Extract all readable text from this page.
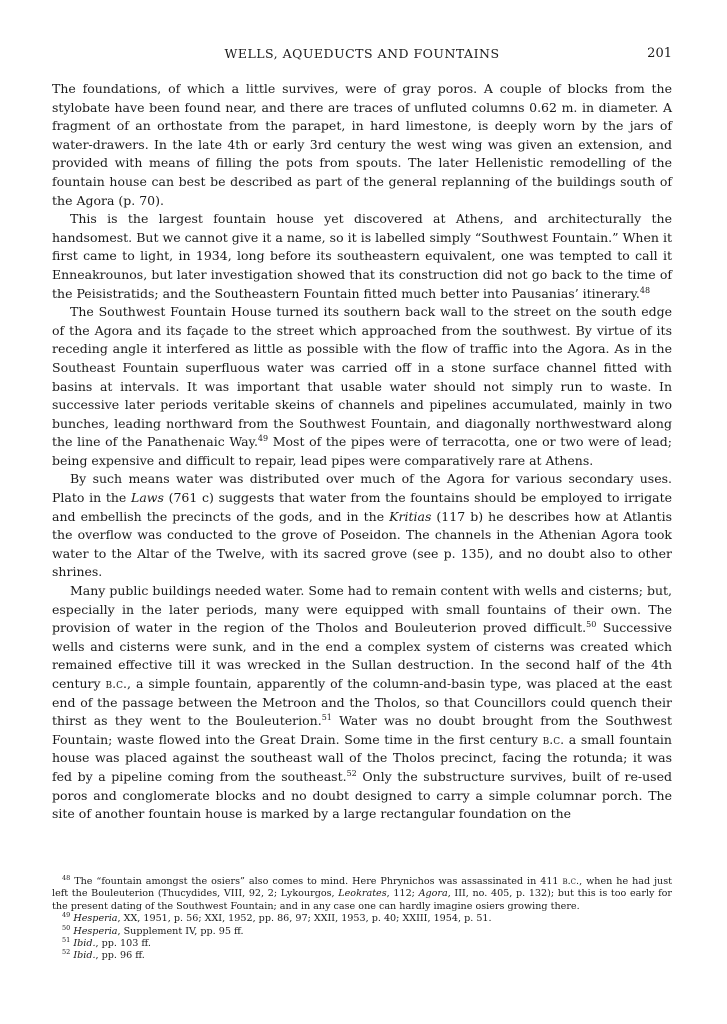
WELLS, AQUEDUCTS AND FOUNTAINS	201

The foundations, of which a little survives, were of gray poros. A couple of blocks from the stylobate have been found near, and there are traces of unfluted columns 0.62 m. in diameter. A fragment of an orthostate from the parapet, in hard limestone, is deeply worn by the jars of water-drawers. In the late 4th or early 3rd century the west wing was given an extension, and provided with means of filling the pots from spouts. The later Hellenistic remodelling of the fountain house can best be described as part of the general replanning of the buildings south of the Agora (p. 70).

This is the largest fountain house yet discovered at Athens, and architecturally the handsomest. But we cannot give it a name, so it is labelled simply “Southwest Fountain.” When it first came to light, in 1934, long before its southeastern equivalent, one was tempted to call it Enneakrounos, but later investigation showed that its construction did not go back to the time of the Peisistratids; and the Southeastern Fountain fitted much better into Pausanias’ itinerary.$^{48}$

The Southwest Fountain House turned its southern back wall to the street on the south edge of the Agora and its façade to the street which approached from the southwest. By virtue of its receding angle it interfered as little as possible with the flow of traffic into the Agora. As in the Southeast Fountain superfluous water was carried off in a stone surface channel fitted with basins at intervals. It was important that usable water should not simply run to waste. In successive later periods veritable skeins of channels and pipelines accumulated, mainly in two bunches, leading northward from the Southwest Fountain, and diagonally northwestward along the line of the Panathenaic Way.$^{49}$ Most of the pipes were of terracotta, one or two were of lead; being expensive and difficult to repair, lead pipes were comparatively rare at Athens.

By such means water was distributed over much of the Agora for various secondary uses. Plato in the Laws (761 c) suggests that water from the fountains should be employed to irrigate and embellish the precincts of the gods, and in the Kritias (117 b) he describes how at Atlantis the overflow was conducted to the grove of Poseidon. The channels in the Athenian Agora took water to the Altar of the Twelve, with its sacred grove (see p. 135), and no doubt also to other shrines.

Many public buildings needed water. Some had to remain content with wells and cisterns; but, especially in the later periods, many were equipped with small fountains of their own. The provision of water in the region of the Tholos and Bouleuterion proved difficult.$^{50}$ Successive wells and cisterns were sunk, and in the end a complex system of cisterns was created which remained effective till it was wrecked in the Sullan destruction. In the second half of the 4th century b.c., a simple fountain, apparently of the column-and-basin type, was placed at the east end of the passage between the Metroon and the Tholos, so that Councillors could quench their thirst as they went to the Bouleuterion.$^{51}$ Water was no doubt brought from the Southwest Fountain; waste flowed into the Great Drain. Some time in the first century b.c. a small fountain house was placed against the southeast wall of the Tholos precinct, facing the rotunda; it was fed by a pipeline coming from the southeast.$^{52}$ Only the substructure survives, built of re-used poros and conglomerate blocks and no doubt designed to carry a simple columnar porch. The site of another fountain house is marked by a large rectangular foundation on the

$^{48}$ The “fountain amongst the osiers” also comes to mind. Here Phrynichos was assassinated in 411 b.c., when he had just left the Bouleuterion (Thucydides, VIII, 92, 2; Lykourgos, Leokrates, 112; Agora, III, no. 405, p. 132); but this is too early for the present dating of the Southwest Fountain; and in any case one can hardly imagine osiers growing there.

$^{49}$ Hesperia, XX, 1951, p. 56; XXI, 1952, pp. 86, 97; XXII, 1953, p. 40; XXIII, 1954, p. 51.

$^{50}$ Hesperia, Supplement IV, pp. 95 ff.

$^{51}$ Ibid., pp. 103 ff.

$^{52}$ Ibid., pp. 96 ff.
